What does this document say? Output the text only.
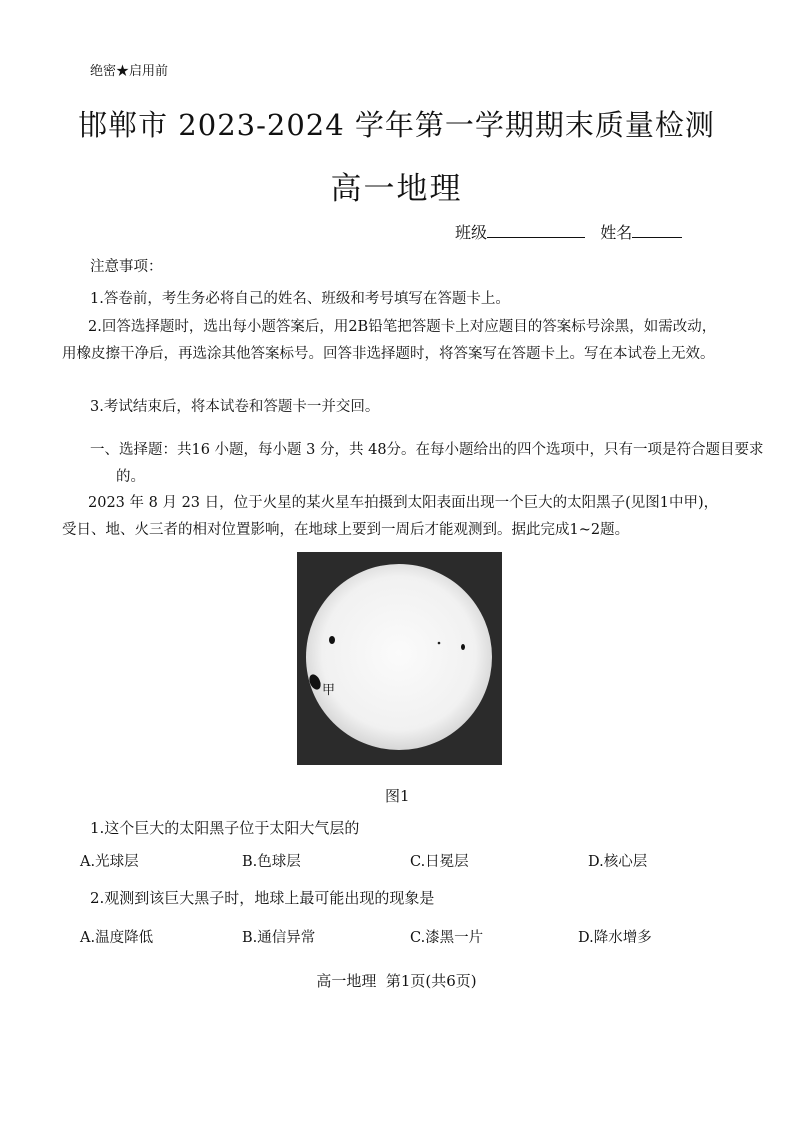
绝密★启用前
邯郸市 2023-2024 学年第一学期期末质量检测
高一地理
班级	姓名
注意事项：
1.答卷前，考生务必将自己的姓名、班级和考号填写在答题卡上。
2.回答选择题时，选出每小题答案后，用2B铅笔把答题卡上对应题目的答案标号涂黑，如需改动，用橡皮擦干净后，再选涂其他答案标号。回答非选择题时，将答案写在答题卡上。写在本试卷上无效。
3.考试结束后，将本试卷和答题卡一并交回。
一、选择题：共16 小题，每小题 3 分，共 48分。在每小题给出的四个选项中，只有一项是符合题目要求的。
2023 年 8 月 23 日，位于火星的某火星车拍摄到太阳表面出现一个巨大的太阳黑子(见图1中甲)，受日、地、火三者的相对位置影响，在地球上要到一周后才能观测到。据此完成1~2题。
甲
图1
1.这个巨大的太阳黑子位于太阳大气层的
A.光球层	B.色球层	C.日冕层	D.核心层
2.观测到该巨大黑子时，地球上最可能出现的现象是
A.温度降低	B.通信异常	C.漆黑一片	D.降水增多
高一地理  第1页(共6页)
